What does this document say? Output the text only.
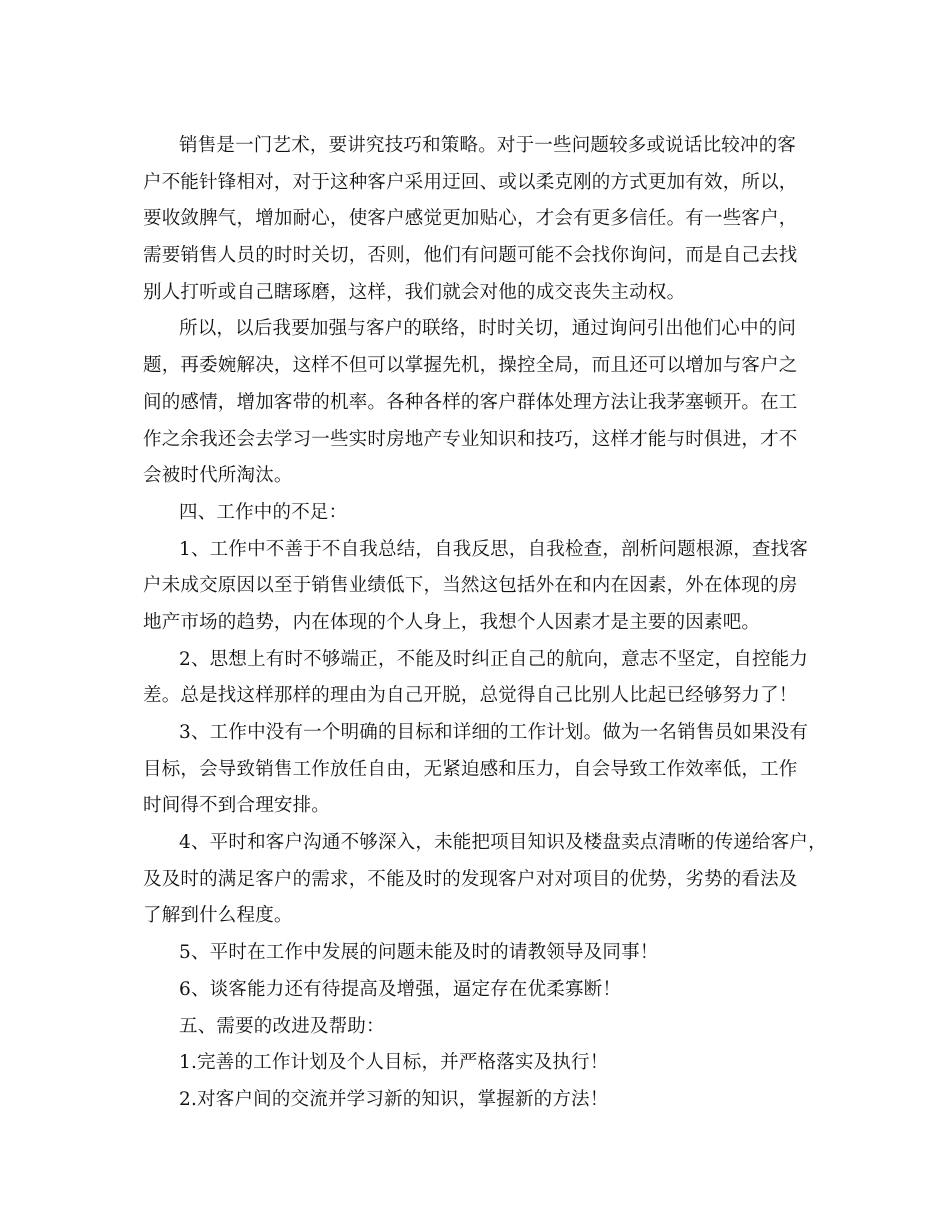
销售是一门艺术，要讲究技巧和策略。对于一些问题较多或说话比较冲的客
户不能针锋相对，对于这种客户采用迂回、或以柔克刚的方式更加有效，所以，
要收敛脾气，增加耐心，使客户感觉更加贴心，才会有更多信任。有一些客户，
需要销售人员的时时关切，否则，他们有问题可能不会找你询问，而是自己去找
别人打听或自己瞎琢磨，这样，我们就会对他的成交丧失主动权。
所以，以后我要加强与客户的联络，时时关切，通过询问引出他们心中的问
题，再委婉解决，这样不但可以掌握先机，操控全局，而且还可以增加与客户之
间的感情，增加客带的机率。各种各样的客户群体处理方法让我茅塞顿开。在工
作之余我还会去学习一些实时房地产专业知识和技巧，这样才能与时俱进，才不
会被时代所淘汰。
四、工作中的不足：
1、工作中不善于不自我总结，自我反思，自我检查，剖析问题根源，查找客
户未成交原因以至于销售业绩低下，当然这包括外在和内在因素，外在体现的房
地产市场的趋势，内在体现的个人身上，我想个人因素才是主要的因素吧。
2、思想上有时不够端正，不能及时纠正自己的航向，意志不坚定，自控能力
差。总是找这样那样的理由为自己开脱，总觉得自己比别人比起已经够努力了！
3、工作中没有一个明确的目标和详细的工作计划。做为一名销售员如果没有
目标，会导致销售工作放任自由，无紧迫感和压力，自会导致工作效率低，工作
时间得不到合理安排。
4、平时和客户沟通不够深入，未能把项目知识及楼盘卖点清晰的传递给客户，
及及时的满足客户的需求，不能及时的发现客户对对项目的优势，劣势的看法及
了解到什么程度。
5、平时在工作中发展的问题未能及时的请教领导及同事！
6、谈客能力还有待提高及增强，逼定存在优柔寡断！
五、需要的改进及帮助：
1.完善的工作计划及个人目标，并严格落实及执行！
2.对客户间的交流并学习新的知识，掌握新的方法！
